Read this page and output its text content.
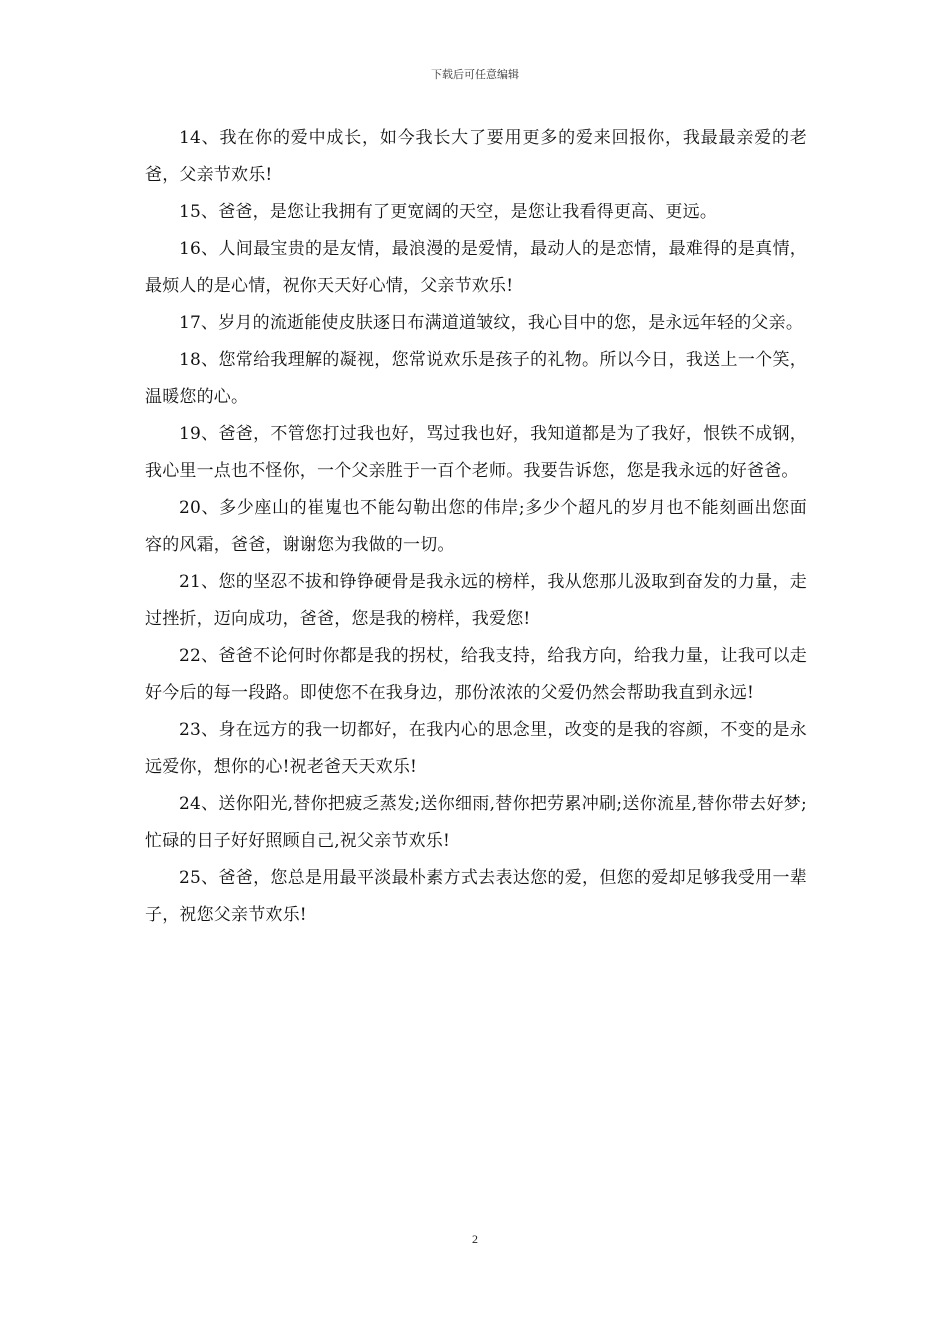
下载后可任意编辑

14、我在你的爱中成长，如今我长大了要用更多的爱来回报你，我最最亲爱的老爸，父亲节欢乐!

15、爸爸，是您让我拥有了更宽阔的天空，是您让我看得更高、更远。

16、人间最宝贵的是友情，最浪漫的是爱情，最动人的是恋情，最难得的是真情，最烦人的是心情，祝你天天好心情，父亲节欢乐!

17、岁月的流逝能使皮肤逐日布满道道皱纹，我心目中的您，是永远年轻的父亲。

18、您常给我理解的凝视，您常说欢乐是孩子的礼物。所以今日，我送上一个笑，温暖您的心。

19、爸爸，不管您打过我也好，骂过我也好，我知道都是为了我好，恨铁不成钢，我心里一点也不怪你，一个父亲胜于一百个老师。我要告诉您，您是我永远的好爸爸。

20、多少座山的崔嵬也不能勾勒出您的伟岸;多少个超凡的岁月也不能刻画出您面容的风霜，爸爸，谢谢您为我做的一切。

21、您的坚忍不拔和铮铮硬骨是我永远的榜样，我从您那儿汲取到奋发的力量，走过挫折，迈向成功，爸爸，您是我的榜样，我爱您!

22、爸爸不论何时你都是我的拐杖，给我支持，给我方向，给我力量，让我可以走好今后的每一段路。即使您不在我身边，那份浓浓的父爱仍然会帮助我直到永远!

23、身在远方的我一切都好，在我内心的思念里，改变的是我的容颜，不变的是永远爱你，想你的心!祝老爸天天欢乐!

24、送你阳光,替你把疲乏蒸发;送你细雨,替你把劳累冲刷;送你流星,替你带去好梦;忙碌的日子好好照顾自己,祝父亲节欢乐!

25、爸爸，您总是用最平淡最朴素方式去表达您的爱，但您的爱却足够我受用一辈子，祝您父亲节欢乐!

2
